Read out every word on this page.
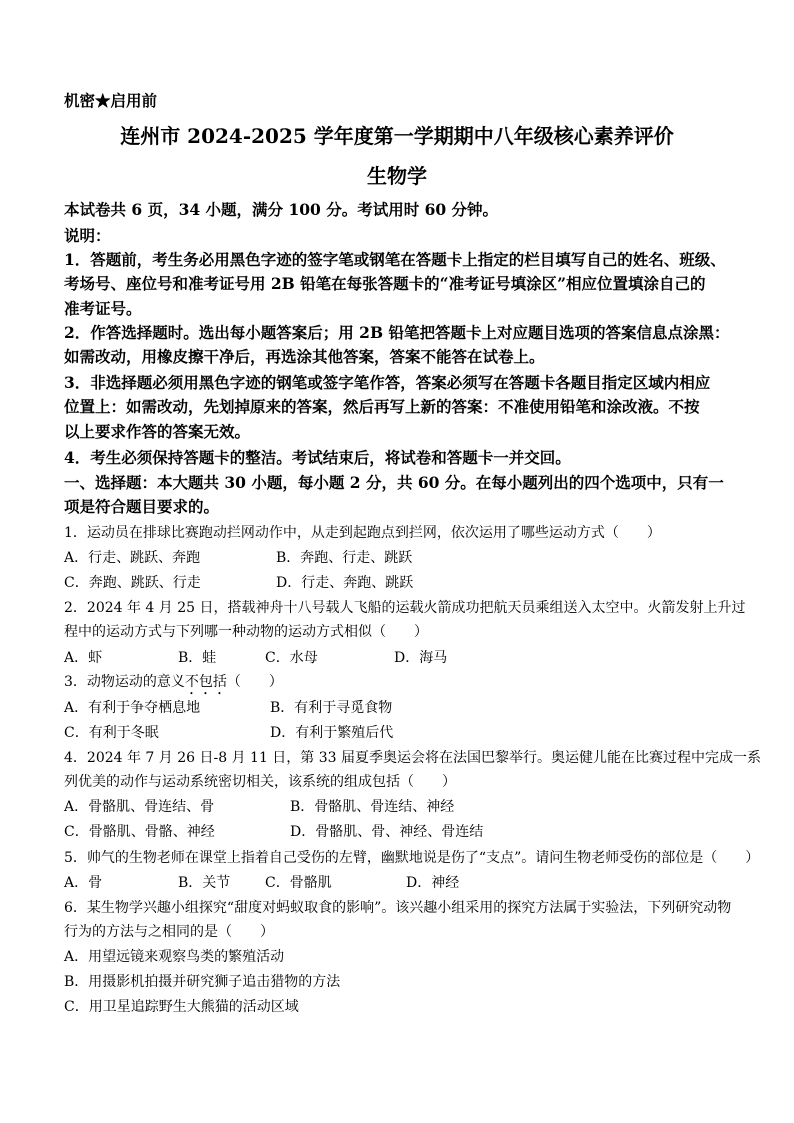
机密★启用前
连州市 2024-2025 学年度第一学期期中八年级核心素养评价
生物学
本试卷共 6 页，34 小题，满分 100 分。考试用时 60 分钟。
说明：
1．答题前，考生务必用黑色字迹的签字笔或钢笔在答题卡上指定的栏目填写自己的姓名、班级、
考场号、座位号和准考证号用 2B 铅笔在每张答题卡的“准考证号填涂区”相应位置填涂自己的
准考证号。
2．作答选择题时。选出每小题答案后；用 2B 铅笔把答题卡上对应题目选项的答案信息点涂黑：
如需改动，用橡皮擦干净后，再选涂其他答案，答案不能答在试卷上。
3．非选择题必须用黑色字迹的钢笔或签字笔作答，答案必须写在答题卡各题目指定区域内相应
位置上：如需改动，先划掉原来的答案，然后再写上新的答案：不准使用铅笔和涂改液。不按
以上要求作答的答案无效。
4．考生必须保持答题卡的整洁。考试结束后，将试卷和答题卡一并交回。
一、选择题：本大题共 30 小题，每小题 2 分，共 60 分。在每小题列出的四个选项中，只有一
项是符合题目要求的。
1．运动员在排球比赛跑动拦网动作中，从走到起跑点到拦网，依次运用了哪些运动方式（　　）
A．行走、跳跃、奔跑	B．奔跑、行走、跳跃
C．奔跑、跳跃、行走	D．行走、奔跑、跳跃
2．2024 年 4 月 25 日，搭载神舟十八号载人飞船的运载火箭成功把航天员乘组送入太空中。火箭发射上升过
程中的运动方式与下列哪一种动物的运动方式相似（　　）
A．虾	B．蛙	C．水母	D．海马
3．动物运动的意义不包括（　　）
A．有利于争夺栖息地	B．有利于寻觅食物
C．有利于冬眠	D．有利于繁殖后代
4．2024 年 7 月 26 日-8 月 11 日，第 33 届夏季奥运会将在法国巴黎举行。奥运健儿能在比赛过程中完成一系
列优美的动作与运动系统密切相关，该系统的组成包括（　　）
A．骨骼肌、骨连结、骨	B．骨骼肌、骨连结、神经
C．骨骼肌、骨骼、神经	D．骨骼肌、骨、神经、骨连结
5．帅气的生物老师在课堂上指着自己受伤的左臂，幽默地说是伤了“支点”。请问生物老师受伤的部位是（　　）
A．骨	B．关节 C．骨骼肌	D．神经
6．某生物学兴趣小组探究“甜度对蚂蚁取食的影响”。该兴趣小组采用的探究方法属于实验法，下列研究动物
行为的方法与之相同的是（　　）
A．用望远镜来观察鸟类的繁殖活动
B．用摄影机拍摄并研究狮子追击猎物的方法
C．用卫星追踪野生大熊猫的活动区域
